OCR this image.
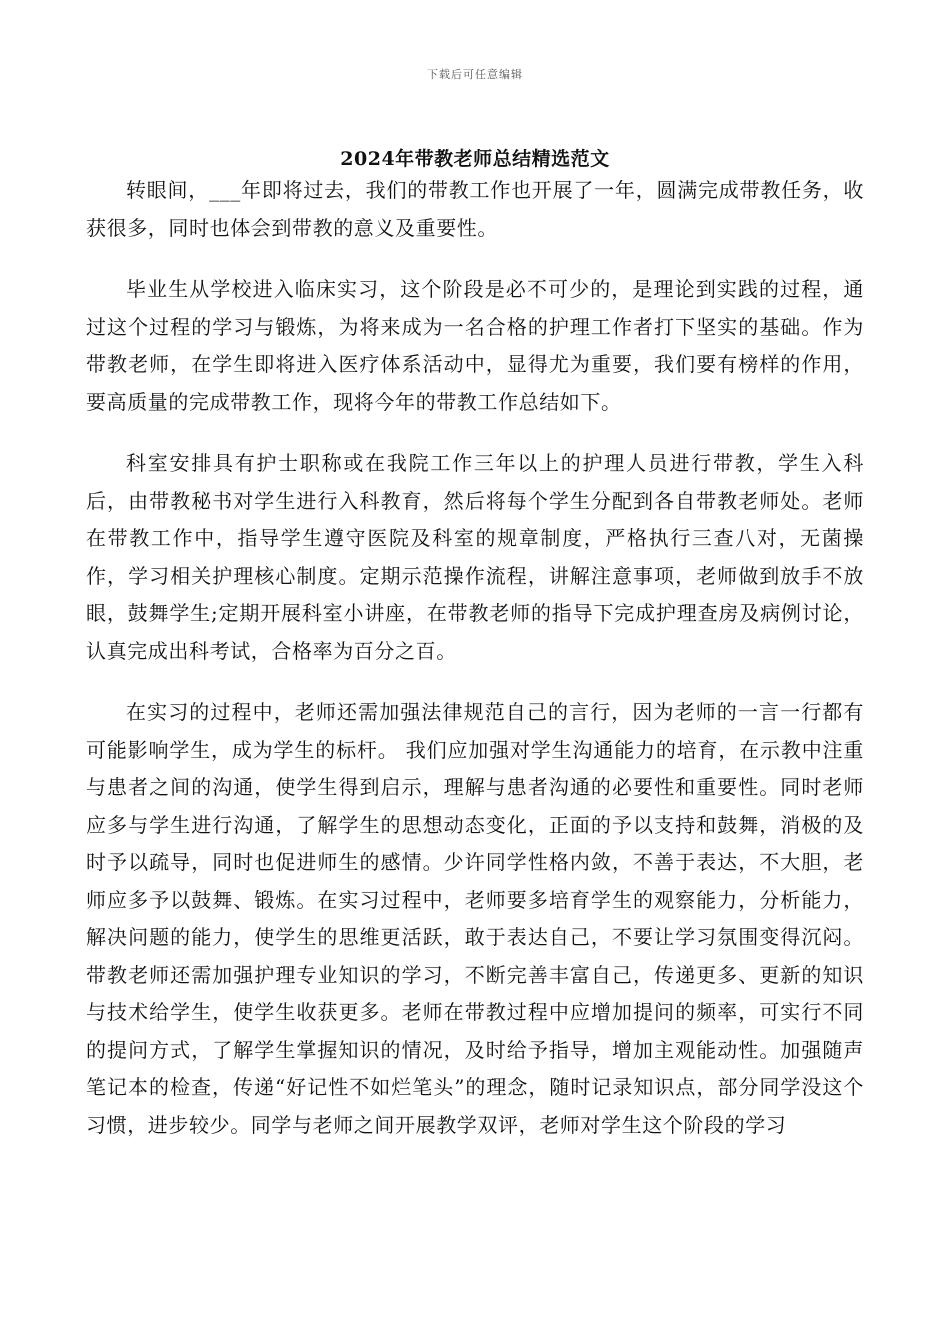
下载后可任意编辑
2024年带教老师总结精选范文

转眼间，___年即将过去，我们的带教工作也开展了一年，圆满完成带教任务，收获很多，同时也体会到带教的意义及重要性。

毕业生从学校进入临床实习，这个阶段是必不可少的，是理论到实践的过程，通过这个过程的学习与锻炼，为将来成为一名合格的护理工作者打下坚实的基础。作为带教老师，在学生即将进入医疗体系活动中，显得尤为重要，我们要有榜样的作用，要高质量的完成带教工作，现将今年的带教工作总结如下。

科室安排具有护士职称或在我院工作三年以上的护理人员进行带教，学生入科后，由带教秘书对学生进行入科教育，然后将每个学生分配到各自带教老师处。老师在带教工作中，指导学生遵守医院及科室的规章制度，严格执行三查八对，无菌操作，学习相关护理核心制度。定期示范操作流程，讲解注意事项，老师做到放手不放眼，鼓舞学生;定期开展科室小讲座，在带教老师的指导下完成护理查房及病例讨论，认真完成出科考试，合格率为百分之百。

在实习的过程中，老师还需加强法律规范自己的言行，因为老师的一言一行都有可能影响学生，成为学生的标杆。 我们应加强对学生沟通能力的培育，在示教中注重与患者之间的沟通，使学生得到启示，理解与患者沟通的必要性和重要性。同时老师应多与学生进行沟通，了解学生的思想动态变化，正面的予以支持和鼓舞，消极的及时予以疏导，同时也促进师生的感情。少许同学性格内敛，不善于表达，不大胆，老师应多予以鼓舞、锻炼。在实习过程中，老师要多培育学生的观察能力，分析能力，解决问题的能力，使学生的思维更活跃，敢于表达自己，不要让学习氛围变得沉闷。带教老师还需加强护理专业知识的学习，不断完善丰富自己，传递更多、更新的知识与技术给学生，使学生收获更多。老师在带教过程中应增加提问的频率，可实行不同的提问方式，了解学生掌握知识的情况，及时给予指导，增加主观能动性。加强随声笔记本的检查，传递“好记性不如烂笔头”的理念，随时记录知识点，部分同学没这个习惯，进步较少。同学与老师之间开展教学双评，老师对学生这个阶段的学习
